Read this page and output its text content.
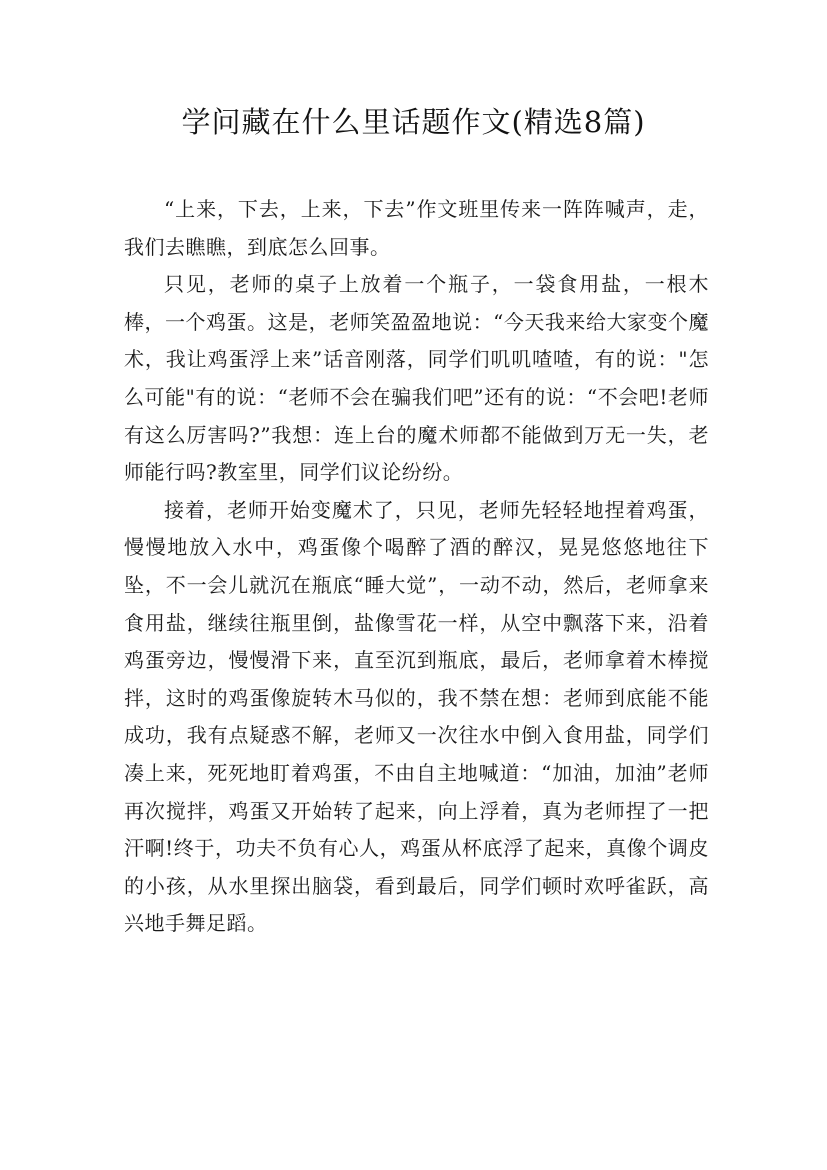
学问藏在什么里话题作文(精选8篇)

“上来，下去，上来，下去”作文班里传来一阵阵喊声，走，我们去瞧瞧，到底怎么回事。

只见，老师的桌子上放着一个瓶子，一袋食用盐，一根木棒，一个鸡蛋。这是，老师笑盈盈地说：“今天我来给大家变个魔术，我让鸡蛋浮上来”话音刚落，同学们叽叽喳喳，有的说："怎么可能"有的说：“老师不会在骗我们吧”还有的说：“不会吧!老师有这么厉害吗?”我想：连上台的魔术师都不能做到万无一失，老师能行吗?教室里，同学们议论纷纷。

接着，老师开始变魔术了，只见，老师先轻轻地捏着鸡蛋，慢慢地放入水中，鸡蛋像个喝醉了酒的醉汉，晃晃悠悠地往下坠，不一会儿就沉在瓶底“睡大觉”，一动不动，然后，老师拿来食用盐，继续往瓶里倒，盐像雪花一样，从空中飘落下来，沿着鸡蛋旁边，慢慢滑下来，直至沉到瓶底，最后，老师拿着木棒搅拌，这时的鸡蛋像旋转木马似的，我不禁在想：老师到底能不能成功，我有点疑惑不解，老师又一次往水中倒入食用盐，同学们凑上来，死死地盯着鸡蛋，不由自主地喊道：“加油，加油”老师再次搅拌，鸡蛋又开始转了起来，向上浮着，真为老师捏了一把汗啊!终于，功夫不负有心人，鸡蛋从杯底浮了起来，真像个调皮的小孩，从水里探出脑袋，看到最后，同学们顿时欢呼雀跃，高兴地手舞足蹈。
